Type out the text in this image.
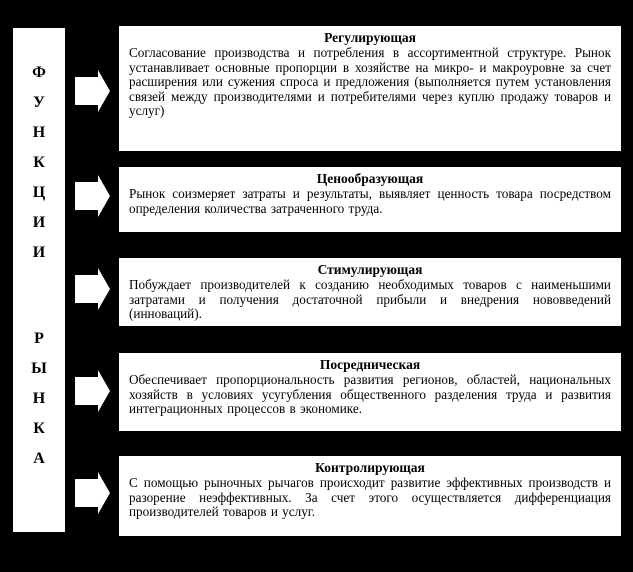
Ф
У
Н
К
Ц
И
И
Р
Ы
Н
К
А
Регулирующая

Согласование производства и потребления в ассортиментной структуре. Рынок устанавливает основные пропорции в хозяйстве на микро- и макроуровне за счет расширения или сужения спроса и предложения (выполняется путем установления связей между производителями и потребителями через куплю продажу товаров и услуг)

Ценообразующая

Рынок соизмеряет затраты и результаты, выявляет ценность товара посредством определения количества затраченного труда.

Стимулирующая

Побуждает производителей к созданию необходимых товаров с наименьшими затратами и получения достаточной прибыли и внедрения нововведений (инноваций).

Посредническая

Обеспечивает пропорциональность развития регионов, областей, национальных хозяйств в условиях усугубления общественного разделения труда и развития интеграционных процессов в экономике.

Контролирующая

С помощью рыночных рычагов происходит развитие эффективных производств и разорение неэффективных. За счет этого осуществляется дифференциация производителей товаров и услуг.
